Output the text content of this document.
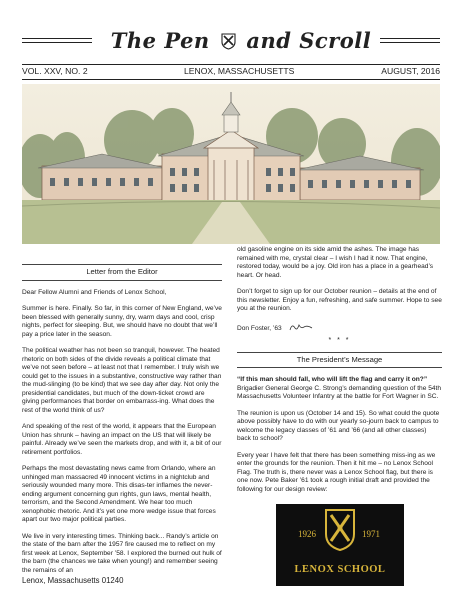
The Pen and Scroll
VOL. XXV, NO. 2	LENOX, MASSACHUSETTS	AUGUST, 2016
Letter from the Editor

Dear Fellow Alumni and Friends of Lenox School,

Summer is here. Finally. So far, in this corner of New England, we’ve been blessed with generally sunny, dry, warm days and cool, crisp nights, perfect for sleeping. But, we should have no doubt that we’ll pay a price later in the season.

The political weather has not been so tranquil, however. The heated rhetoric on both sides of the divide reveals a political climate that we’ve not seen before – at least not that I remember. I truly wish we could get to the issues in a substantive, constructive way rather than the mud-slinging (to be kind) that we see day after day. Not only the presidential candidates, but much of the down-ticket crowd are giving performances that border on embarrass-ing. What does the rest of the world think of us?

And speaking of the rest of the world, it appears that the European Union has shrunk – having an impact on the US that will likely be painful. Already we’ve seen the markets drop, and with it, a bit of our retirement portfolios.

Perhaps the most devastating news came from Orlando, where an unhinged man massacred 49 innocent victims in a nightclub and seriously wounded many more. This disas-ter inflames the never-ending argument concerning gun rights, gun laws, mental health, terrorism, and the Second Amendment. We hear too much xenophobic rhetoric. And it’s yet one more wedge issue that forces apart our two major political parties.

We live in very interesting times. Thinking back... Randy’s article on the state of the barn after the 1957 fire caused me to reflect on my first week at Lenox, September ’58. I explored the burned out hulk of the barn (the chances we take when young!) and remember seeing the remains of an

old gasoline engine on its side amid the ashes. The image has remained with me, crystal clear – I wish I had it now. That engine, restored today, would be a joy. Old iron has a place in a gearhead’s heart. Or head.

Don’t forget to sign up for our October reunion – details at the end of this newsletter. Enjoy a fun, refreshing, and safe summer. Hope to see you at the reunion.

Don Foster, ’63

* * *
The President’s Message

“If this man should fall, who will lift the flag and carry it on?” Brigadier General George C. Strong’s demanding question of the 54th Massachusetts Volunteer Infantry at the battle for Fort Wagner in SC.

The reunion is upon us (October 14 and 15). So what could the quote above possibly have to do with our yearly so-journ back to campus to welcome the legacy classes of ’61 and ’66 (and all other classes) back to school?

Every year I have felt that there has been something miss-ing as we enter the grounds for the reunion. Then it hit me – no Lenox School Flag. The truth is, there never was a Lenox School flag, but there is one now. Pete Baker ’61 took a rough initial draft and provided the following for our design review:

1926	1971
LENOX SCHOOL
Lenox, Massachusetts 01240
